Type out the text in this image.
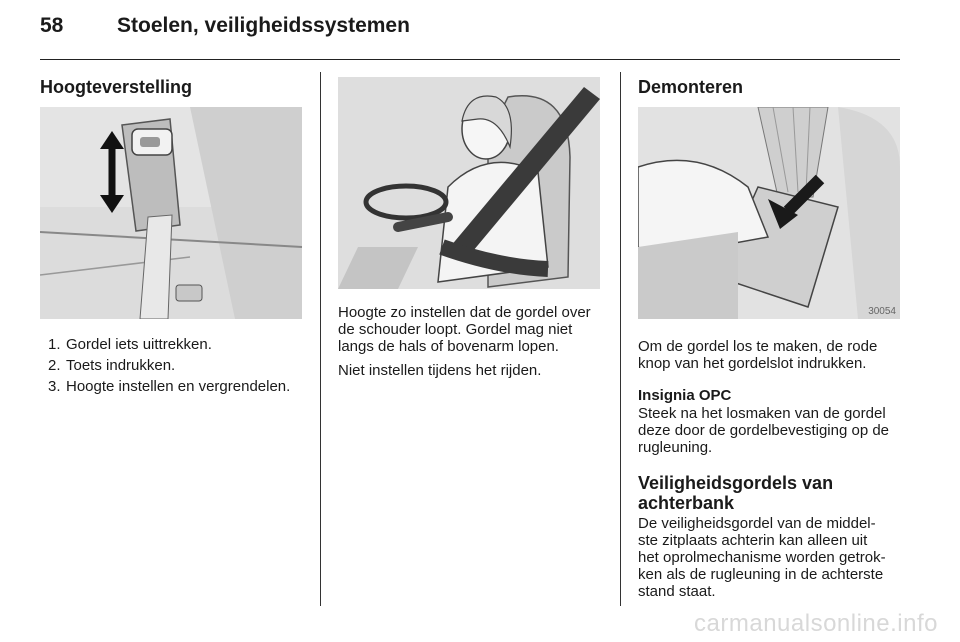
58	Stoelen, veiligheidssystemen
Hoogteverstelling
1. Gordel iets uittrekken.
2. Toets indrukken.
3. Hoogte instellen en vergrendelen.
Hoogte zo instellen dat de gordel over
de schouder loopt. Gordel mag niet
langs de hals of bovenarm lopen.
Niet instellen tijdens het rijden.
Demonteren
30054
Om de gordel los te maken, de rode
knop van het gordelslot indrukken.
Insignia OPC
Steek na het losmaken van de gordel
deze door de gordelbevestiging op de
rugleuning.
Veiligheidsgordels van
achterbank
De veiligheidsgordel van de middel-
ste zitplaats achterin kan alleen uit
het oprolmechanisme worden getrok-
ken als de rugleuning in de achterste
stand staat.
carmanualsonline.info
